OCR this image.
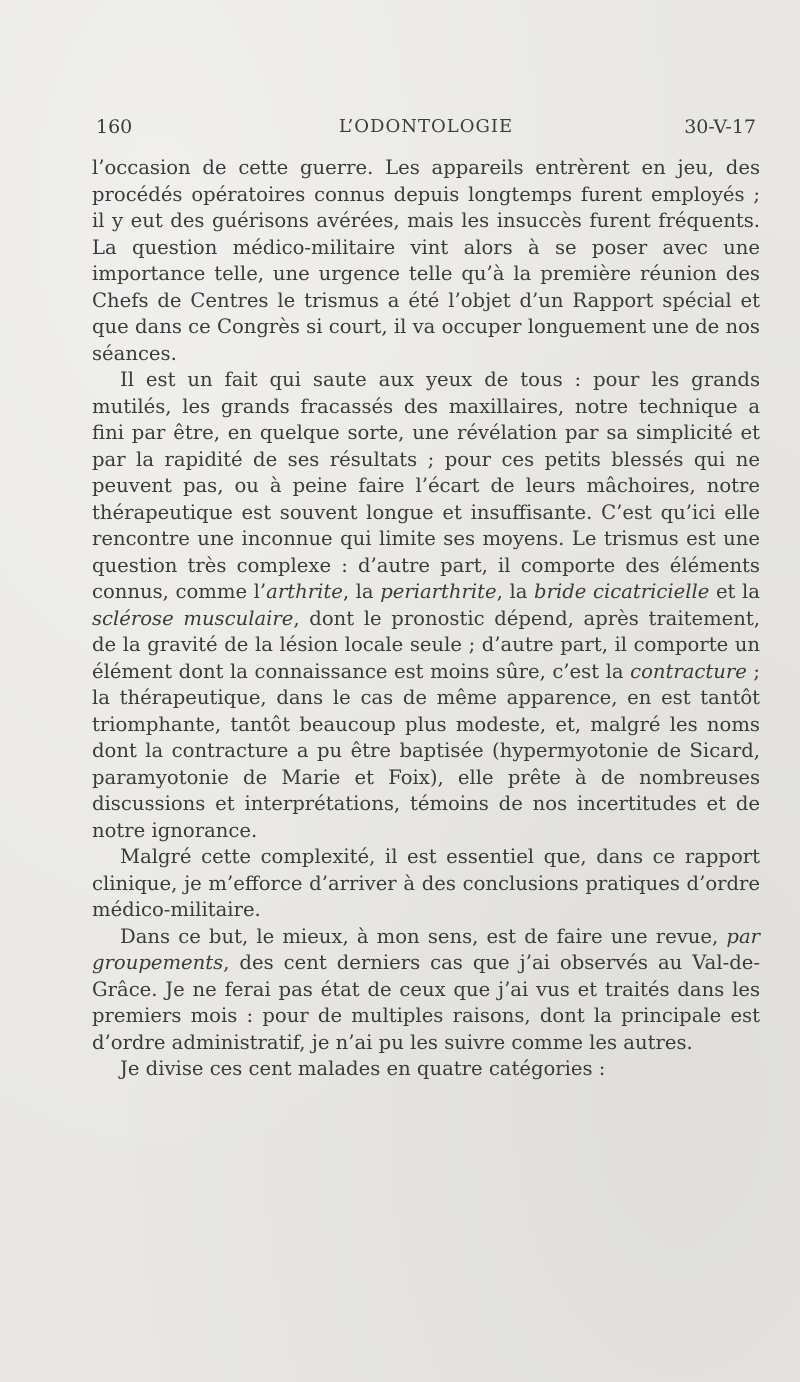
160	L’ODONTOLOGIE	30-V-17

l’occasion de cette guerre. Les appareils entrèrent en jeu, des procédés opératoires connus depuis longtemps furent employés ; il y eut des guérisons avérées, mais les insuccès furent fréquents. La question médico-militaire vint alors à se poser avec une importance telle, une urgence telle qu’à la première réunion des Chefs de Centres le trismus a été l’objet d’un Rapport spécial et que dans ce Congrès si court, il va occuper longuement une de nos séances.

Il est un fait qui saute aux yeux de tous : pour les grands mutilés, les grands fracassés des maxillaires, notre technique a fini par être, en quelque sorte, une révélation par sa simplicité et par la rapidité de ses résultats ; pour ces petits blessés qui ne peuvent pas, ou à peine faire l’écart de leurs mâchoires, notre thérapeutique est souvent longue et insuffisante. C’est qu’ici elle rencontre une inconnue qui limite ses moyens. Le trismus est une question très complexe : d’autre part, il comporte des éléments connus, comme l’arthrite, la periarthrite, la bride cicatricielle et la sclérose musculaire, dont le pronostic dépend, après traitement, de la gravité de la lésion locale seule ; d’autre part, il comporte un élément dont la connaissance est moins sûre, c’est la contracture ; la thérapeutique, dans le cas de même apparence, en est tantôt triomphante, tantôt beaucoup plus modeste, et, malgré les noms dont la contracture a pu être baptisée (hypermyotonie de Sicard, paramyotonie de Marie et Foix), elle prête à de nombreuses discussions et interprétations, témoins de nos incertitudes et de notre ignorance.

Malgré cette complexité, il est essentiel que, dans ce rapport clinique, je m’efforce d’arriver à des conclusions pratiques d’ordre médico-militaire.

Dans ce but, le mieux, à mon sens, est de faire une revue, par groupements, des cent derniers cas que j’ai observés au Val-de-Grâce. Je ne ferai pas état de ceux que j’ai vus et traités dans les premiers mois : pour de multiples raisons, dont la principale est d’ordre administratif, je n’ai pu les suivre comme les autres.

Je divise ces cent malades en quatre catégories :
